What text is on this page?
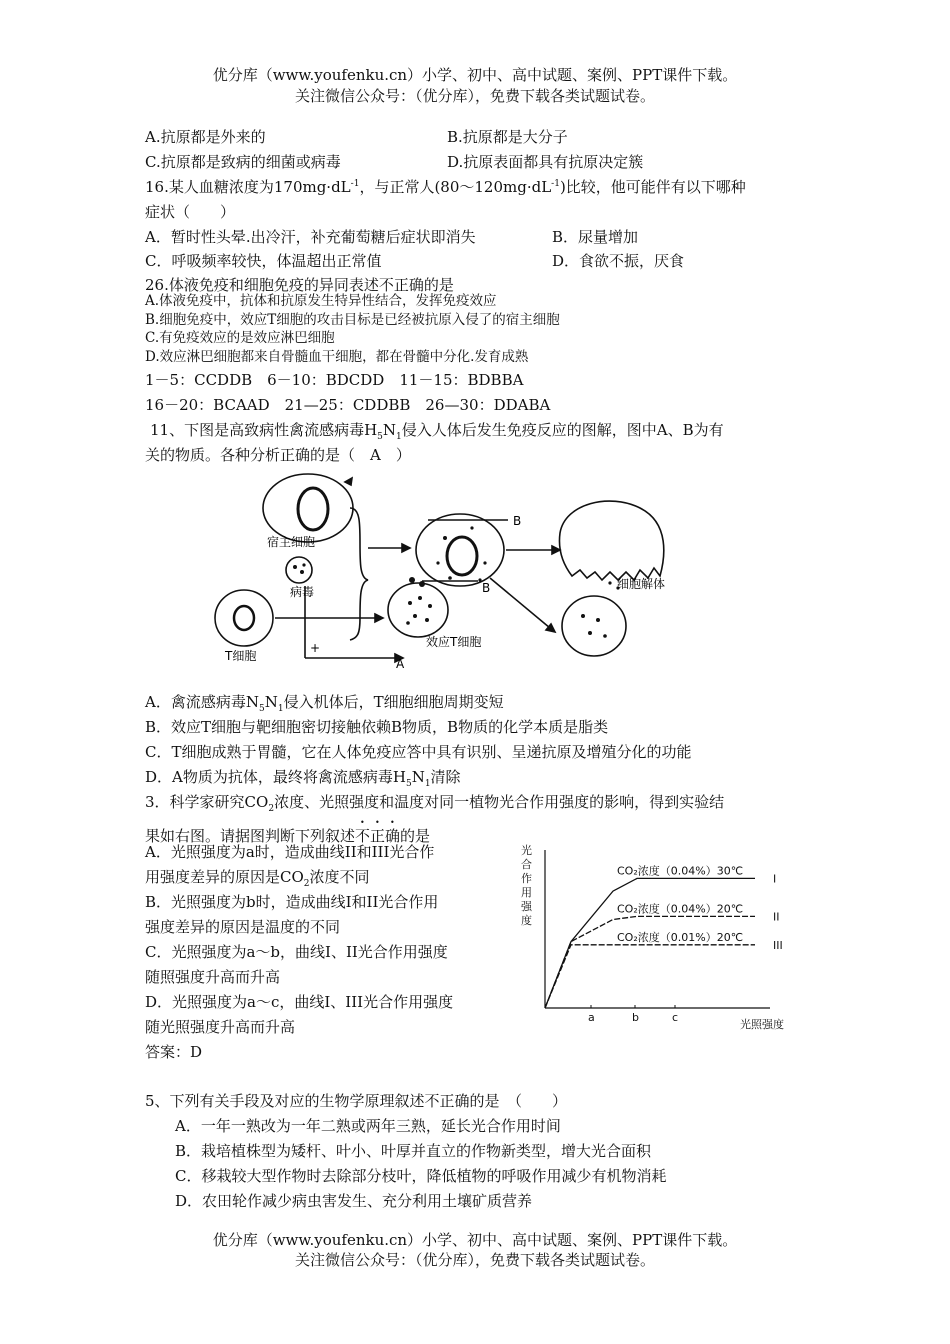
优分库（www.youfenku.cn）小学、初中、高中试题、案例、PPT课件下载。
关注微信公众号：（优分库），免费下载各类试题试卷。
A.抗原都是外来的	B.抗原都是大分子
C.抗原都是致病的细菌或病毒	D.抗原表面都具有抗原决定簇
16.某人血糖浓度为$170mg\cdot dL^{-1}$，与正常人$(80\sim 120mg\cdot dL^{-1})$比较，他可能伴有以下哪种
症状（　　）
A．暂时性头晕.出冷汗，补充葡萄糖后症状即消失	B．尿量增加
C．呼吸频率较快，体温超出正常值	D．食欲不振，厌食
26.体液免疫和细胞免疫的异同表述不正确的是
A.体液免疫中，抗体和抗原发生特异性结合，发挥免疫效应
B.细胞免疫中，效应T细胞的攻击目标是已经被抗原入侵了的宿主细胞
C.有免疫效应的是效应淋巴细胞
D.效应淋巴细胞都来自骨髓血干细胞，都在骨髓中分化.发育成熟
1－5：CCDDB　6－10：BDCDD　11－15：BDBBA
16－20：BCAAD　21—25：CDDBB　26—30：DDABA
11、下图是高致病性禽流感病毒$H_5N_1$侵入人体后发生免疫反应的图解，图中A、B为有
关的物质。各种分析正确的是（　A　）
宿主细胞
病毒
T细胞
效应T细胞
细胞解体
B
B
A
+
A．禽流感病毒$N_5N_1$侵入机体后，T细胞细胞周期变短
B．效应T细胞与靶细胞密切接触依赖B物质，B物质的化学本质是脂类
C．T细胞成熟于胃髓，它在人体免疫应答中具有识别、呈递抗原及增殖分化的功能
D．A物质为抗体，最终将禽流感病毒$H_5N_1$清除
3．科学家研究$CO_2$浓度、光照强度和温度对同一植物光合作用强度的影响，得到实验结
果如右图。请据图判断下列叙述不正确的是
A．光照强度为a时，造成曲线II和III光合作
用强度差异的原因是$CO_2$浓度不同
B．光照强度为b时，造成曲线I和II光合作用
强度差异的原因是温度的不同
C．光照强度为a～b，曲线I、II光合作用强度
随照强度升高而升高
D．光照强度为a～c，曲线I、III光合作用强度
随光照强度升高而升高
答案：D
光
合
作
用
强
度
光照强度
CO₂浓度（0.04%）30℃
I
CO₂浓度（0.04%）20℃
II
CO₂浓度（0.01%）20℃
III
a	b	c
5、下列有关手段及对应的生物学原理叙述不正确的是　（　　）
A．一年一熟改为一年二熟或两年三熟，延长光合作用时间
B．栽培植株型为矮杆、叶小、叶厚并直立的作物新类型，增大光合面积
C．移栽较大型作物时去除部分枝叶，降低植物的呼吸作用减少有机物消耗
D．农田轮作减少病虫害发生、充分利用土壤矿质营养
优分库（www.youfenku.cn）小学、初中、高中试题、案例、PPT课件下载。
关注微信公众号：（优分库），免费下载各类试题试卷。
